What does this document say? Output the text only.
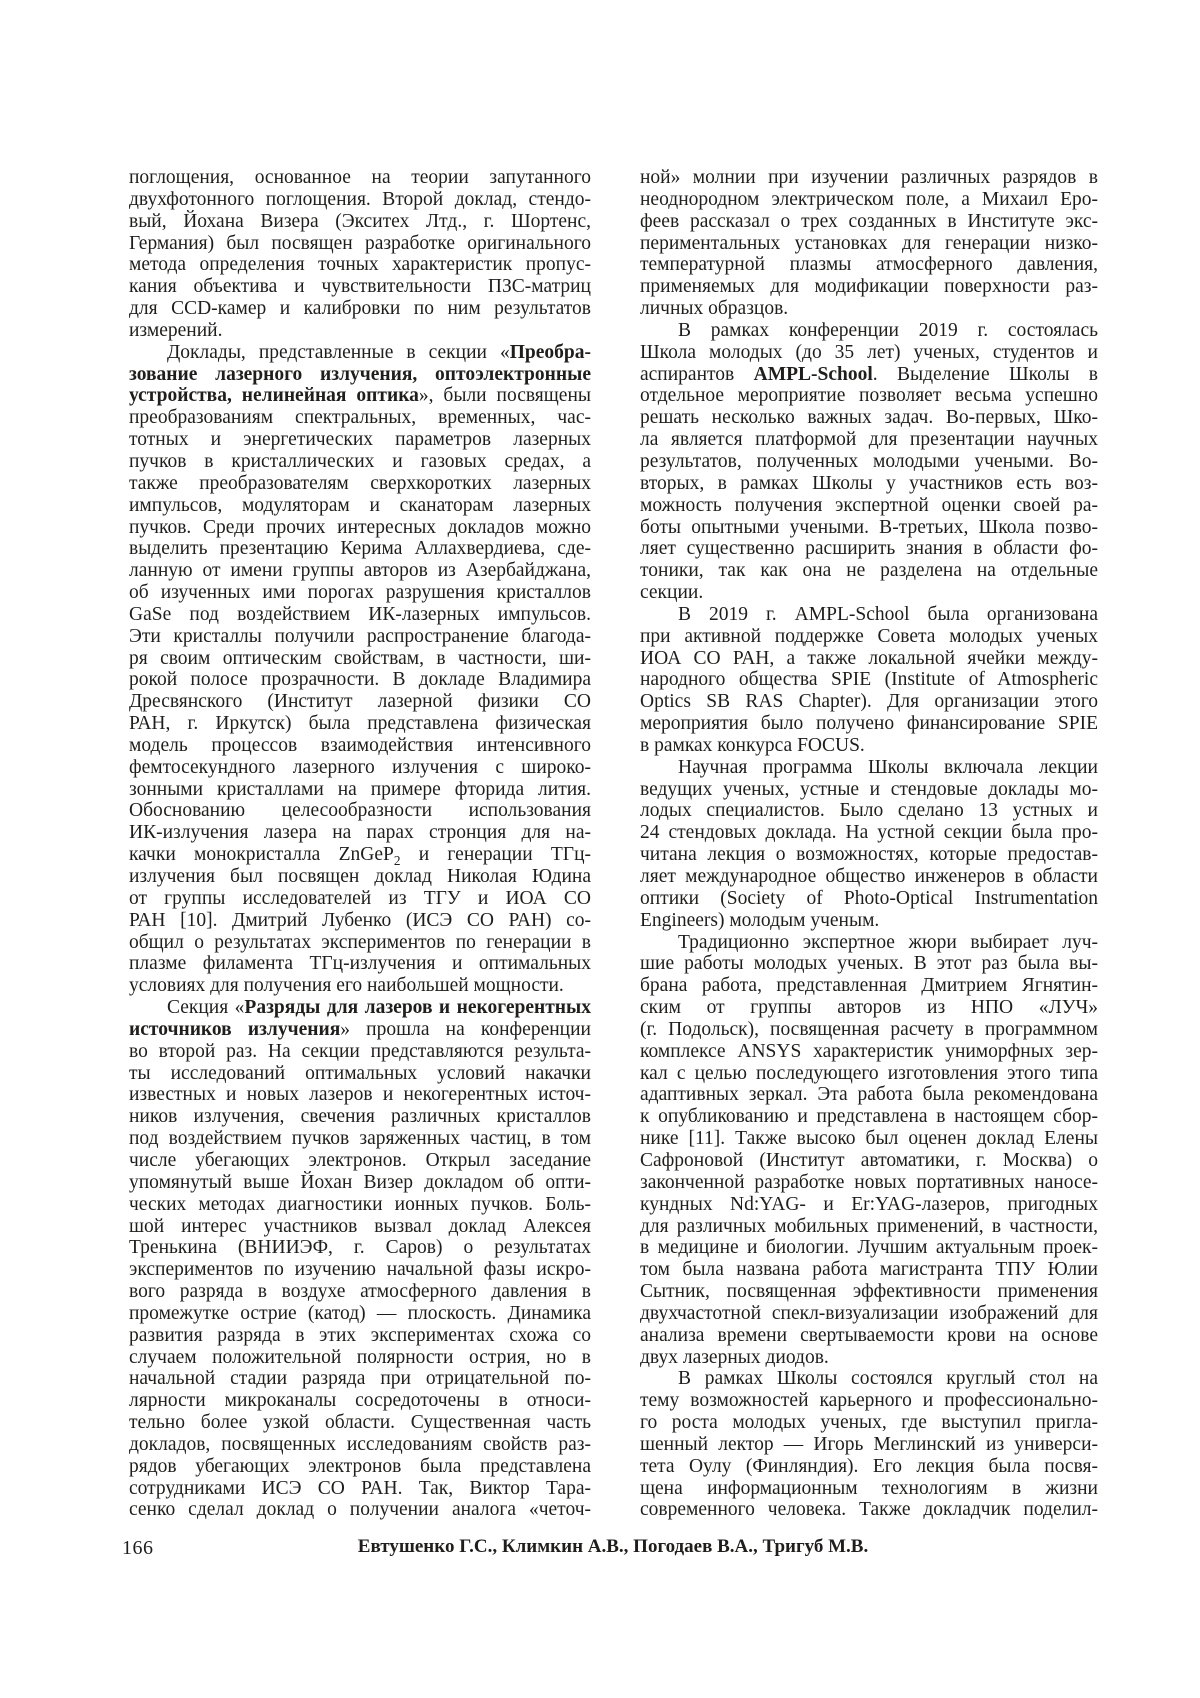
поглощения, основанное на теории запутанного
двухфотонного поглощения. Второй доклад, стендо-
вый, Йохана Визера (Экситех Лтд., г. Шортенс,
Германия) был посвящен разработке оригинального
метода определения точных характеристик пропус-
кания объектива и чувствительности ПЗС-матриц
для CCD-камер и калибровки по ним результатов
измерений.
Доклады, представленные в секции «Преобра-
зование лазерного излучения, оптоэлектронные
устройства, нелинейная оптика», были посвящены
преобразованиям спектральных, временных, час-
тотных и энергетических параметров лазерных
пучков в кристаллических и газовых средах, а
также преобразователям сверхкоротких лазерных
импульсов, модуляторам и сканаторам лазерных
пучков. Среди прочих интересных докладов можно
выделить презентацию Керима Аллахвердиева, сде-
ланную от имени группы авторов из Азербайджана,
об изученных ими порогах разрушения кристаллов
GaSe под воздействием ИК-лазерных импульсов.
Эти кристаллы получили распространение благода-
ря своим оптическим свойствам, в частности, ши-
рокой полосе прозрачности. В докладе Владимира
Дресвянского (Институт лазерной физики СО
РАН, г. Иркутск) была представлена физическая
модель процессов взаимодействия интенсивного
фемтосекундного лазерного излучения с широко-
зонными кристаллами на примере фторида лития.
Обоснованию целесообразности использования
ИК-излучения лазера на парах стронция для на-
качки монокристалла ZnGeP$_2$ и генерации ТГц-
излучения был посвящен доклад Николая Юдина
от группы исследователей из ТГУ и ИОА СО
РАН [10]. Дмитрий Лубенко (ИСЭ СО РАН) со-
общил о результатах экспериментов по генерации в
плазме филамента ТГц-излучения и оптимальных
условиях для получения его наибольшей мощности.
Секция «Разряды для лазеров и некогерентных
источников излучения» прошла на конференции
во второй раз. На секции представляются результа-
ты исследований оптимальных условий накачки
известных и новых лазеров и некогерентных источ-
ников излучения, свечения различных кристаллов
под воздействием пучков заряженных частиц, в том
числе убегающих электронов. Открыл заседание
упомянутый выше Йохан Визер докладом об опти-
ческих методах диагностики ионных пучков. Боль-
шой интерес участников вызвал доклад Алексея
Тренькина (ВНИИЭФ, г. Саров) о результатах
экспериментов по изучению начальной фазы искро-
вого разряда в воздухе атмосферного давления в
промежутке острие (катод) — плоскость. Динамика
развития разряда в этих экспериментах схожа со
случаем положительной полярности острия, но в
начальной стадии разряда при отрицательной по-
лярности микроканалы сосредоточены в относи-
тельно более узкой области. Существенная часть
докладов, посвященных исследованиям свойств раз-
рядов убегающих электронов была представлена
сотрудниками ИСЭ СО РАН. Так, Виктор Тара-
сенко сделал доклад о получении аналога «четоч-
ной» молнии при изучении различных разрядов в
неоднородном электрическом поле, а Михаил Еро-
феев рассказал о трех созданных в Институте экс-
периментальных установках для генерации низко-
температурной плазмы атмосферного давления,
применяемых для модификации поверхности раз-
личных образцов.
В рамках конференции 2019 г. состоялась
Школа молодых (до 35 лет) ученых, студентов и
аспирантов AMPL-School. Выделение Школы в
отдельное мероприятие позволяет весьма успешно
решать несколько важных задач. Во-первых, Шко-
ла является платформой для презентации научных
результатов, полученных молодыми учеными. Во-
вторых, в рамках Школы у участников есть воз-
можность получения экспертной оценки своей ра-
боты опытными учеными. В-третьих, Школа позво-
ляет существенно расширить знания в области фо-
тоники, так как она не разделена на отдельные
секции.
В 2019 г. AMPL-School была организована
при активной поддержке Совета молодых ученых
ИОА СО РАН, а также локальной ячейки между-
народного общества SPIE (Institute of Atmospheric
Optics SB RAS Chapter). Для организации этого
мероприятия было получено финансирование SPIE
в рамках конкурса FOCUS.
Научная программа Школы включала лекции
ведущих ученых, устные и стендовые доклады мо-
лодых специалистов. Было сделано 13 устных и
24 стендовых доклада. На устной секции была про-
читана лекция о возможностях, которые предостав-
ляет международное общество инженеров в области
оптики (Society of Photo-Optical Instrumentation
Engineers) молодым ученым.
Традиционно экспертное жюри выбирает луч-
шие работы молодых ученых. В этот раз была вы-
брана работа, представленная Дмитрием Ягнятин-
ским от группы авторов из НПО «ЛУЧ»
(г. Подольск), посвященная расчету в программном
комплексе ANSYS характеристик униморфных зер-
кал с целью последующего изготовления этого типа
адаптивных зеркал. Эта работа была рекомендована
к опубликованию и представлена в настоящем сбор-
нике [11]. Также высоко был оценен доклад Елены
Сафроновой (Институт автоматики, г. Москва) о
законченной разработке новых портативных наносе-
кундных Nd:YAG- и Er:YAG-лазеров, пригодных
для различных мобильных применений, в частности,
в медицине и биологии. Лучшим актуальным проек-
том была названа работа магистранта ТПУ Юлии
Сытник, посвященная эффективности применения
двухчастотной спекл-визуализации изображений для
анализа времени свертываемости крови на основе
двух лазерных диодов.
В рамках Школы состоялся круглый стол на
тему возможностей карьерного и профессионально-
го роста молодых ученых, где выступил пригла-
шенный лектор — Игорь Меглинский из универси-
тета Оулу (Финляндия). Его лекция была посвя-
щена информационным технологиям в жизни
современного человека. Также докладчик поделил-
166	Евтушенко Г.С., Климкин А.В., Погодаев В.А., Тригуб М.В.
